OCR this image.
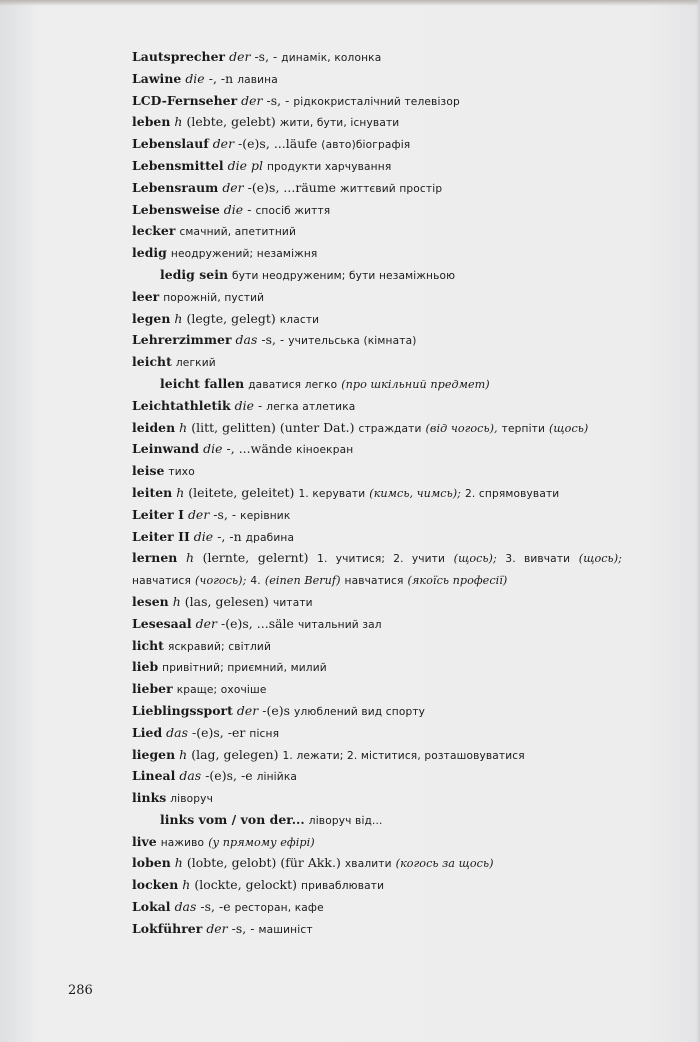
Lautsprecher der -s, - динамік, колонка
Lawine die -, -n лавина
LCD-Fernseher der -s, - рідкокристалічний телевізор
leben h (lebte, gelebt) жити, бути, існувати
Lebenslauf der -(e)s, ...läufe (авто)біографія
Lebensmittel die pl продукти харчування
Lebensraum der -(e)s, ...räume життєвий простір
Lebensweise die - спосіб життя
lecker смачний, апетитний
ledig неодружений; незаміжня
ledig sein бути неодруженим; бути незаміжньою
leer порожній, пустий
legen h (legte, gelegt) класти
Lehrerzimmer das -s, - учительська (кімната)
leicht легкий
leicht fallen даватися легко (про шкільний предмет)
Leichtathletik die - легка атлетика
leiden h (litt, gelitten) (unter Dat.) страждати (від чогось), терпіти (щось)
Leinwand die -, ...wände кіноекран
leise тихо
leiten h (leitete, geleitet) 1. керувати (кимсь, чимсь); 2. спрямовувати
Leiter I der -s, - керівник
Leiter II die -, -n драбина
lernen h (lernte, gelernt) 1. учитися; 2. учити (щось); 3. вивчати (щось); навчатися (чогось); 4. (einen Beruf) навчатися (якоїсь професії)
lesen h (las, gelesen) читати
Lesesaal der -(e)s, ...säle читальний зал
licht яскравий; світлий
lieb привітний; приємний, милий
lieber краще; охочіше
Lieblingssport der -(e)s улюблений вид спорту
Lied das -(e)s, -er пісня
liegen h (lag, gelegen) 1. лежати; 2. міститися, розташовуватися
Lineal das -(e)s, -e лінійка
links ліворуч
links vom / von der... ліворуч від...
live наживо (у прямому ефірі)
loben h (lobte, gelobt) (für Akk.) хвалити (когось за щось)
locken h (lockte, gelockt) приваблювати
Lokal das -s, -e ресторан, кафе
Lokführer der -s, - машиніст
286
